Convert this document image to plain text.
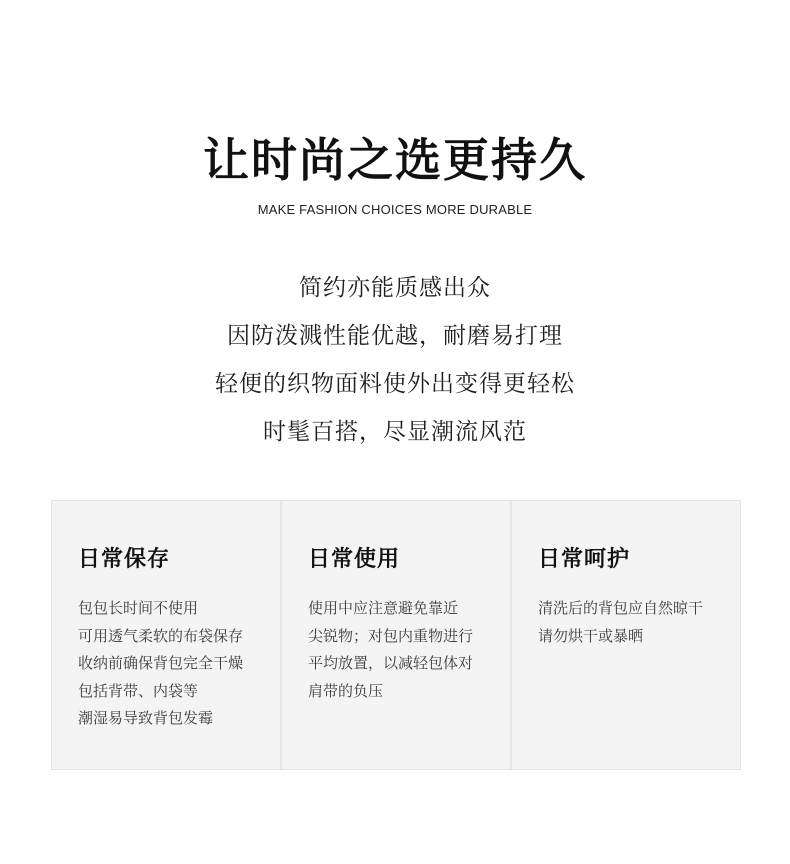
让时尚之选更持久
MAKE FASHION CHOICES MORE DURABLE
简约亦能质感出众
因防泼溅性能优越，耐磨易打理
轻便的织物面料使外出变得更轻松
时髦百搭，尽显潮流风范
日常保存
包包长时间不使用
可用透气柔软的布袋保存
收纳前确保背包完全干燥
包括背带、内袋等
潮湿易导致背包发霉
日常使用
使用中应注意避免靠近
尖锐物；对包内重物进行
平均放置，以减轻包体对
肩带的负压
日常呵护
清洗后的背包应自然晾干
请勿烘干或暴晒
